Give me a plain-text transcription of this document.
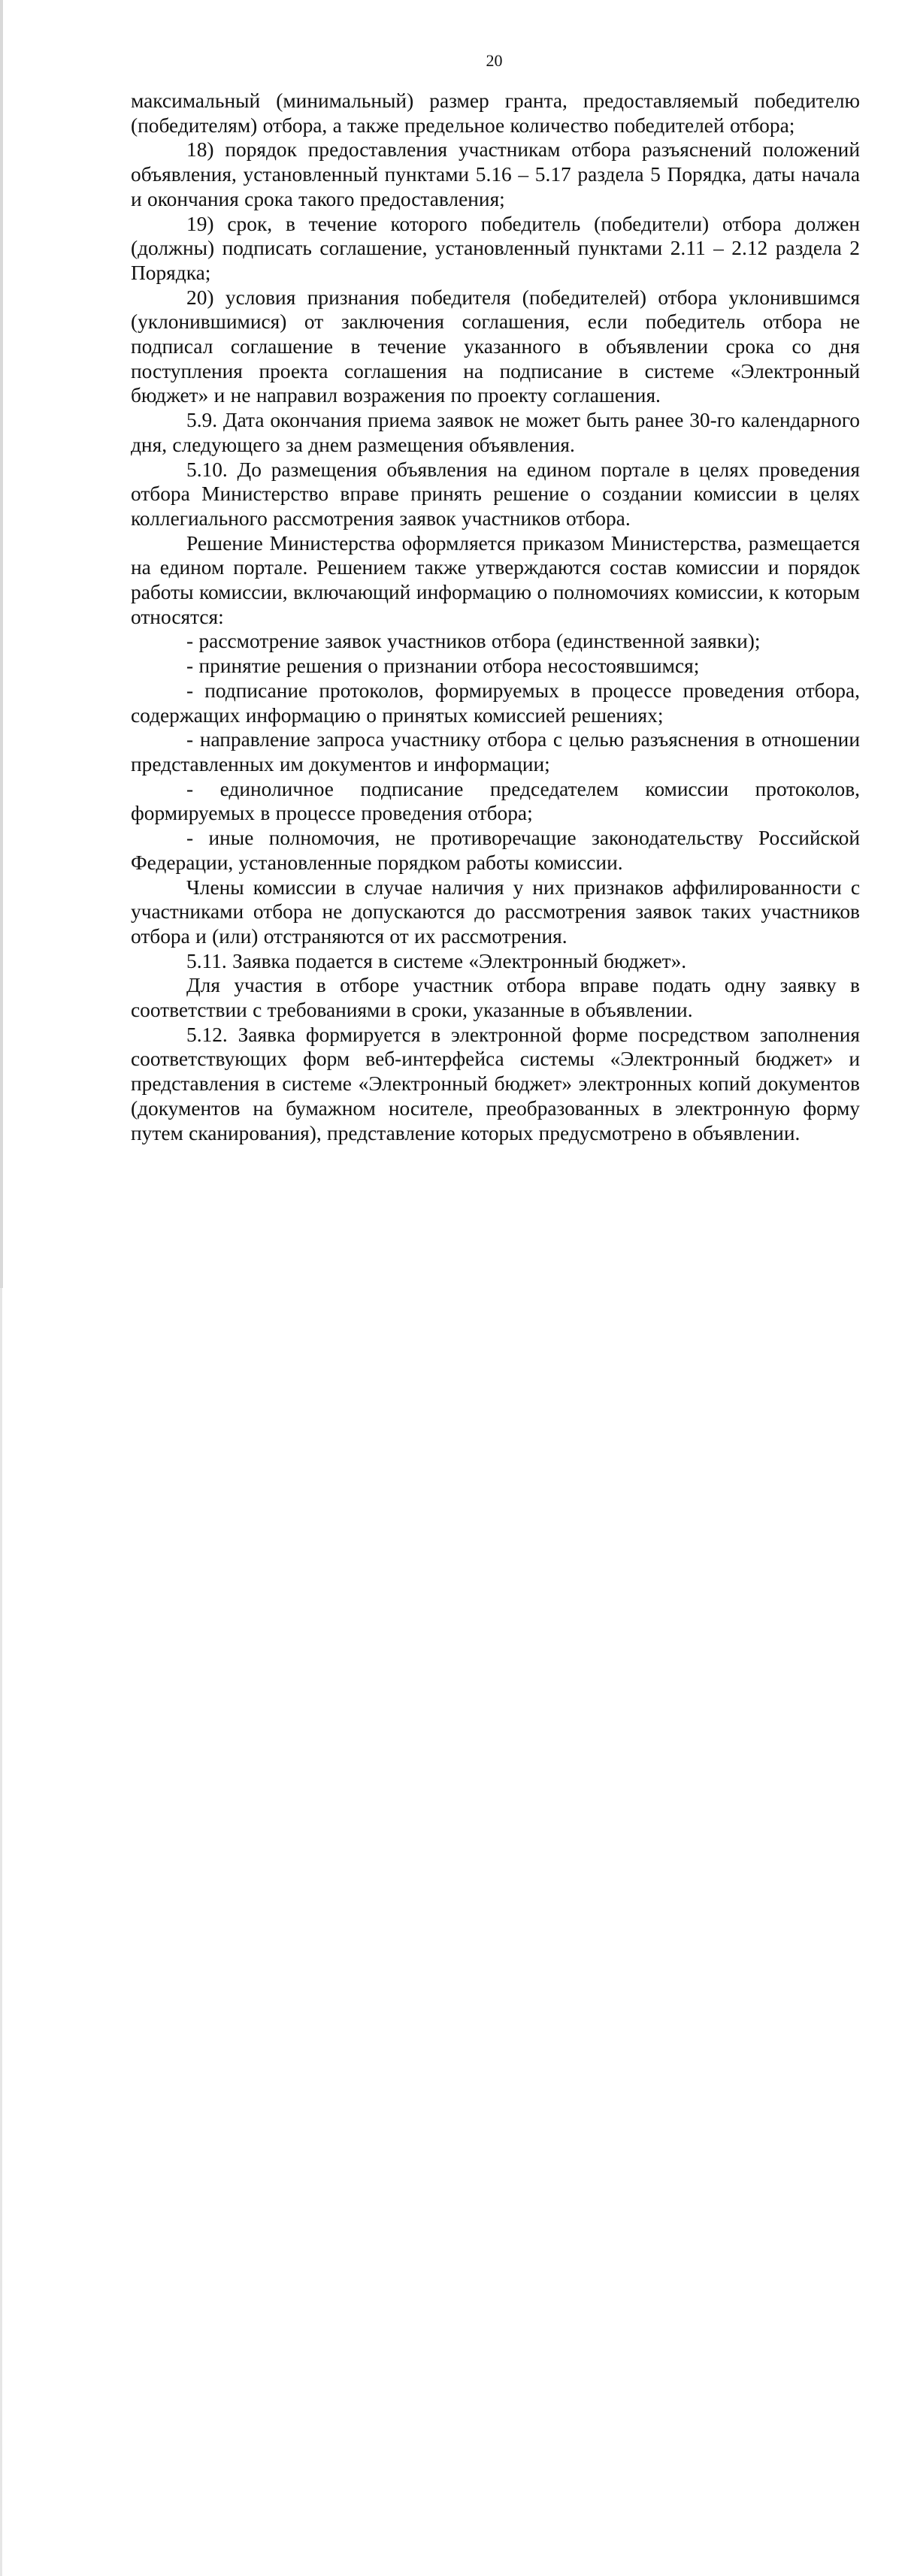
20

максимальный (минимальный) размер гранта, предоставляемый победителю (победителям) отбора, а также предельное количество победителей отбора;

18) порядок предоставления участникам отбора разъяснений положений объявления, установленный пунктами 5.16 – 5.17 раздела 5 Порядка, даты начала и окончания срока такого предоставления;

19) срок, в течение которого победитель (победители) отбора должен (должны) подписать соглашение, установленный пунктами 2.11 – 2.12 раздела 2 Порядка;

20) условия признания победителя (победителей) отбора уклонившимся (уклонившимися) от заключения соглашения, если победитель отбора не подписал соглашение в течение указанного в объявлении срока со дня поступления проекта соглашения на подписание в системе «Электронный бюджет» и не направил возражения по проекту соглашения.

5.9. Дата окончания приема заявок не может быть ранее 30-го календарного дня, следующего за днем размещения объявления.

5.10. До размещения объявления на едином портале в целях проведения отбора Министерство вправе принять решение о создании комиссии в целях коллегиального рассмотрения заявок участников отбора.

Решение Министерства оформляется приказом Министерства, размещается на едином портале. Решением также утверждаются состав комиссии и порядок работы комиссии, включающий информацию о полномочиях комиссии, к которым относятся:

- рассмотрение заявок участников отбора (единственной заявки);

- принятие решения о признании отбора несостоявшимся;

- подписание протоколов, формируемых в процессе проведения отбора, содержащих информацию о принятых комиссией решениях;

- направление запроса участнику отбора с целью разъяснения в отношении представленных им документов и информации;

- единоличное подписание председателем комиссии протоколов, формируемых в процессе проведения отбора;

- иные полномочия, не противоречащие законодательству Российской Федерации, установленные порядком работы комиссии.

Члены комиссии в случае наличия у них признаков аффилированности с участниками отбора не допускаются до рассмотрения заявок таких участников отбора и (или) отстраняются от их рассмотрения.

5.11. Заявка подается в системе «Электронный бюджет».

Для участия в отборе участник отбора вправе подать одну заявку в соответствии с требованиями в сроки, указанные в объявлении.

5.12. Заявка формируется в электронной форме посредством заполнения соответствующих форм веб-интерфейса системы «Электронный бюджет» и представления в системе «Электронный бюджет» электронных копий документов (документов на бумажном носителе, преобразованных в электронную форму путем сканирования), представление которых предусмотрено в объявлении.
